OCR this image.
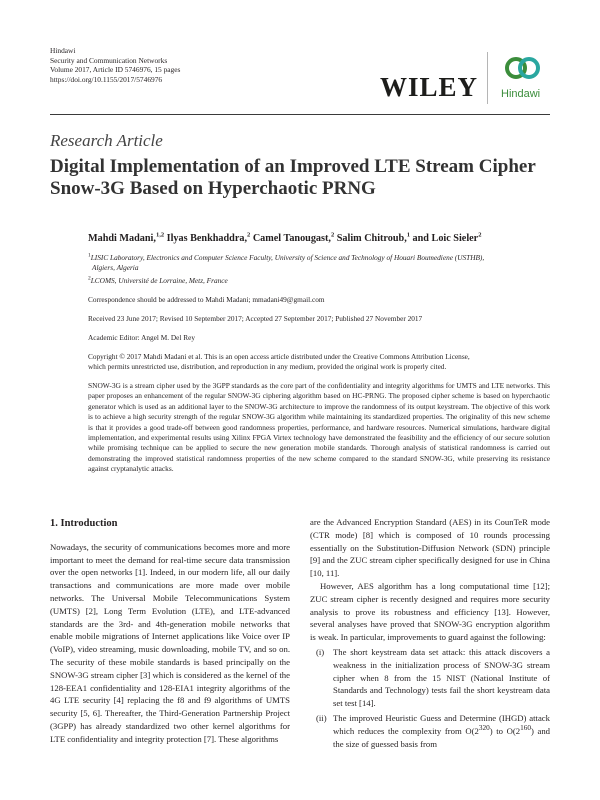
Hindawi
Security and Communication Networks
Volume 2017, Article ID 5746976, 15 pages
https://doi.org/10.1155/2017/5746976	WILEY Hindawi
Research Article
Digital Implementation of an Improved LTE Stream Cipher
Snow-3G Based on Hyperchaotic PRNG
Mahdi Madani,$^{1,2}$ Ilyas Benkhaddra,$^2$ Camel Tanougast,$^2$ Salim Chitroub,$^1$ and Loic Sieler$^2$
$^1$LISIC Laboratory, Electronics and Computer Science Faculty, University of Science and Technology of Houari Boumediene (USTHB),
Algiers, Algeria
$^2$LCOMS, Université de Lorraine, Metz, France
Correspondence should be addressed to Mahdi Madani; mmadani49@gmail.com
Received 23 June 2017; Revised 10 September 2017; Accepted 27 September 2017; Published 27 November 2017
Academic Editor: Angel M. Del Rey
Copyright © 2017 Mahdi Madani et al. This is an open access article distributed under the Creative Commons Attribution License,
which permits unrestricted use, distribution, and reproduction in any medium, provided the original work is properly cited.
SNOW-3G is a stream cipher used by the 3GPP standards as the core part of the confidentiality and integrity algorithms for UMTS and LTE networks. This paper proposes an enhancement of the regular SNOW-3G ciphering algorithm based on HC-PRNG. The proposed cipher scheme is based on hyperchaotic generator which is used as an additional layer to the SNOW-3G architecture to improve the randomness of its output keystream. The objective of this work is to achieve a high security strength of the regular SNOW-3G algorithm while maintaining its standardized properties. The originality of this new scheme is that it provides a good trade-off between good randomness properties, performance, and hardware resources. Numerical simulations, hardware digital implementation, and experimental results using Xilinx FPGA Virtex technology have demonstrated the feasibility and the efficiency of our secure solution while promising technique can be applied to secure the new generation mobile standards. Thorough analysis of statistical randomness is carried out demonstrating the improved statistical randomness properties of the new scheme compared to the standard SNOW-3G, while preserving its resistance against cryptanalytic attacks.
1. Introduction

Nowadays, the security of communications becomes more and more important to meet the demand for real-time secure data transmission over the open networks [1]. Indeed, in our modern life, all our daily transactions and communications are more made over mobile networks. The Universal Mobile Telecommunications System (UMTS) [2], Long Term Evolution (LTE), and LTE-advanced standards are the 3rd- and 4th-generation mobile networks that enable mobile migrations of Internet applications like Voice over IP (VoIP), video streaming, music downloading, mobile TV, and so on. The security of these mobile standards is based principally on the SNOW-3G stream cipher [3] which is considered as the kernel of the 128-EEA1 confidentiality and 128-EIA1 integrity algorithms of the 4G LTE security [4] replacing the f8 and f9 algorithms of UMTS security [5, 6]. Thereafter, the Third-Generation Partnership Project (3GPP) has already standardized two other kernel algorithms for LTE confidentiality and integrity protection [7]. These algorithms

are the Advanced Encryption Standard (AES) in its CounTeR mode (CTR mode) [8] which is composed of 10 rounds processing essentially on the Substitution-Diffusion Network (SDN) principle [9] and the ZUC stream cipher specifically designed for use in China [10, 11].

However, AES algorithm has a long computational time [12]; ZUC stream cipher is recently designed and requires more security analysis to prove its robustness and efficiency [13]. However, several analyses have proved that SNOW-3G encryption algorithm is weak. In particular, improvements to guard against the following:

(i) The short keystream data set attack: this attack discovers a weakness in the initialization process of SNOW-3G stream cipher when 8 from the 15 NIST (National Institute of Standards and Technology) tests fail the short keystream data set test [14].
(ii) The improved Heuristic Guess and Determine (IHGD) attack which reduces the complexity from $O(2^{320})$ to $O(2^{160})$ and the size of guessed basis from
